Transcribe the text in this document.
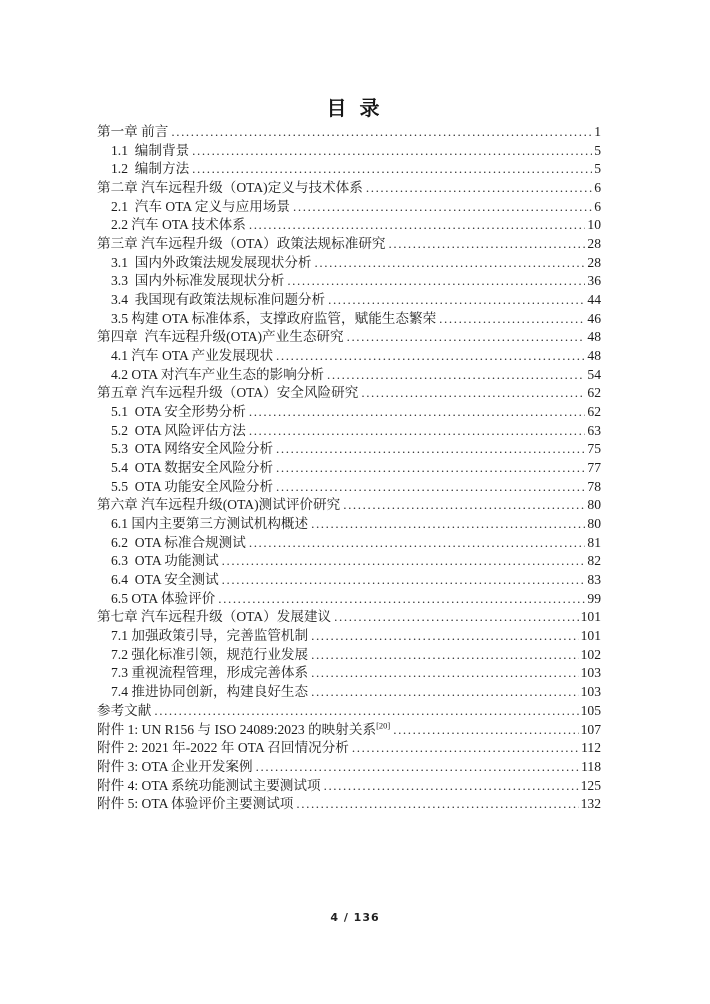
目 录
第一章 前言 .....	1
1.1  编制背景 .....	5
1.2  编制方法 .....	5
第二章 汽车远程升级（OTA)定义与技术体系 .....	6
2.1  汽车 OTA 定义与应用场景 .....	6
2.2 汽车 OTA 技术体系 .....	10
第三章 汽车远程升级（OTA）政策法规标准研究 .....	28
3.1  国内外政策法规发展现状分析 .....	28
3.3  国内外标准发展现状分析 .....	36
3.4  我国现有政策法规标准问题分析 .....	44
3.5 构建 OTA 标准体系，支撑政府监管，赋能生态繁荣 .....	46
第四章  汽车远程升级(OTA)产业生态研究 .....	48
4.1 汽车 OTA 产业发展现状 .....	48
4.2 OTA 对汽车产业生态的影响分析 .....	54
第五章 汽车远程升级（OTA）安全风险研究 .....	62
5.1  OTA 安全形势分析 .....	62
5.2  OTA 风险评估方法 .....	63
5.3  OTA 网络安全风险分析 .....	75
5.4  OTA 数据安全风险分析 .....	77
5.5  OTA 功能安全风险分析 .....	78
第六章 汽车远程升级(OTA)测试评价研究 .....	80
6.1 国内主要第三方测试机构概述 .....	80
6.2  OTA 标准合规测试 .....	81
6.3  OTA 功能测试 .....	82
6.4  OTA 安全测试 .....	83
6.5 OTA 体验评价 .....	99
第七章 汽车远程升级（OTA）发展建议 .....	101
7.1 加强政策引导，完善监管机制 .....	101
7.2 强化标准引领，规范行业发展 .....	102
7.3 重视流程管理，形成完善体系 .....	103
7.4 推进协同创新，构建良好生态 .....	103
参考文献 .....	105
附件 1: UN R156 与 ISO 24089:2023 的映射关系[20] .....	107
附件 2: 2021 年-2022 年 OTA 召回情况分析 .....	112
附件 3: OTA 企业开发案例 .....	118
附件 4: OTA 系统功能测试主要测试项 .....	125
附件 5: OTA 体验评价主要测试项 .....	132
4 / 136
